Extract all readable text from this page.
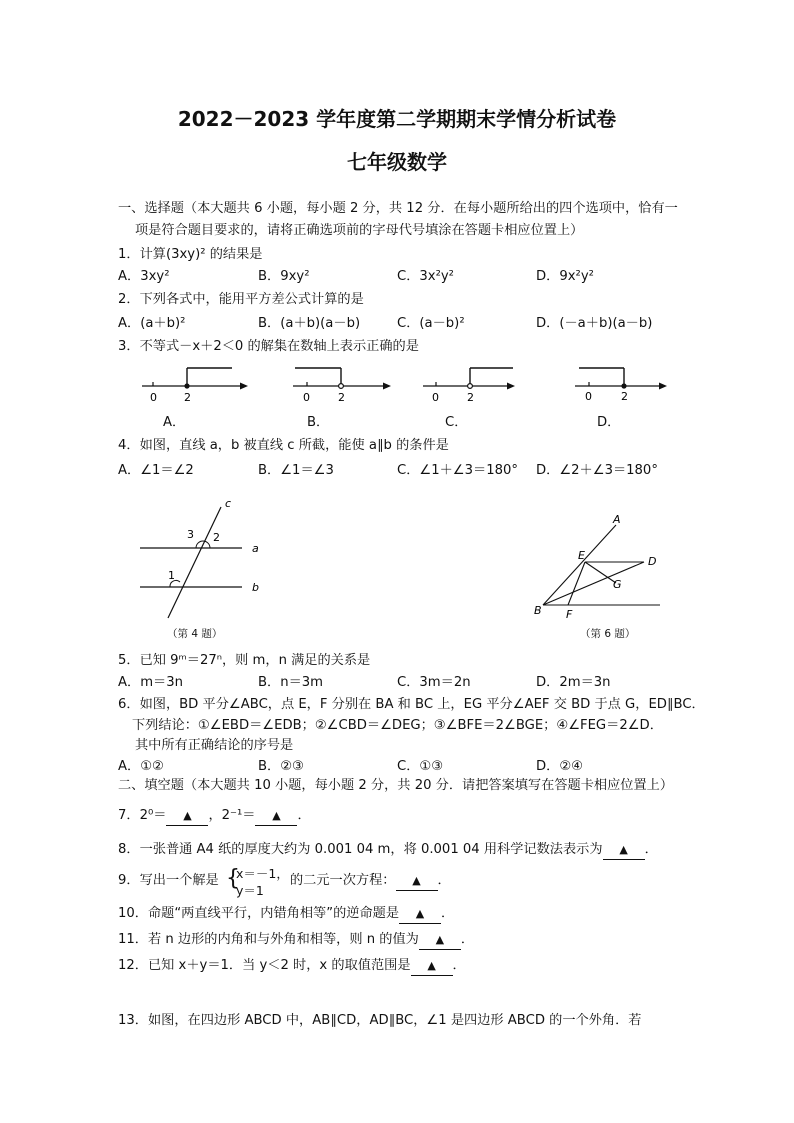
2022－2023 学年度第二学期期末学情分析试卷
七年级数学
一、选择题（本大题共 6 小题，每小题 2 分，共 12 分．在每小题所给出的四个选项中，恰有一
项是符合题目要求的，请将正确选项前的字母代号填涂在答题卡相应位置上）
1．计算(3xy)² 的结果是
A．3xy²	B．9xy²	C．3x²y²	D．9x²y²
2．下列各式中，能用平方差公式计算的是
A．(a＋b)²	B．(a＋b)(a－b)	C．(a－b)²	D．(－a＋b)(a－b)
3．不等式－x＋2＜0 的解集在数轴上表示正确的是
0 2
A．
0	2
B．
0	2
C．
0	2
D．
4．如图，直线 a，b 被直线 c 所截，能使 a∥b 的条件是
A．∠1＝∠2	B．∠1＝∠3	C．∠1＋∠3＝180° D．∠2＋∠3＝180°
c
a
b
3 2
1
（第 4 题）
A
B
D
E
F
G
（第 6 题）
5．已知 9ᵐ＝27ⁿ，则 m，n 满足的关系是
A．m＝3n	B．n＝3m	C．3m＝2n	D．2m＝3n
6．如图，BD 平分∠ABC，点 E，F 分别在 BA 和 BC 上，EG 平分∠AEF 交 BD 于点 G，ED∥BC．
下列结论：①∠EBD＝∠EDB；②∠CBD＝∠DEG；③∠BFE＝2∠BGE；④∠FEG＝2∠D．
其中所有正确结论的序号是
A．①②	B．②③	C．①③	D．②④
二、填空题（本大题共 10 小题，每小题 2 分，共 20 分．请把答案填写在答题卡相应位置上）
7．2⁰＝ ▲ ，2⁻¹＝ ▲ ．
8．一张普通 A4 纸的厚度大约为 0.001 04 m，将 0.001 04 用科学记数法表示为 ▲ ．
9．写出一个解是 {
x＝－1，
y＝1
的二元一次方程： ▲ ．
10．命题“两直线平行，内错角相等”的逆命题是 ▲ ．
11．若 n 边形的内角和与外角和相等，则 n 的值为 ▲ ．
12．已知 x＋y＝1．当 y＜2 时，x 的取值范围是 ▲ ．
13．如图，在四边形 ABCD 中，AB∥CD，AD∥BC，∠1 是四边形 ABCD 的一个外角．若
